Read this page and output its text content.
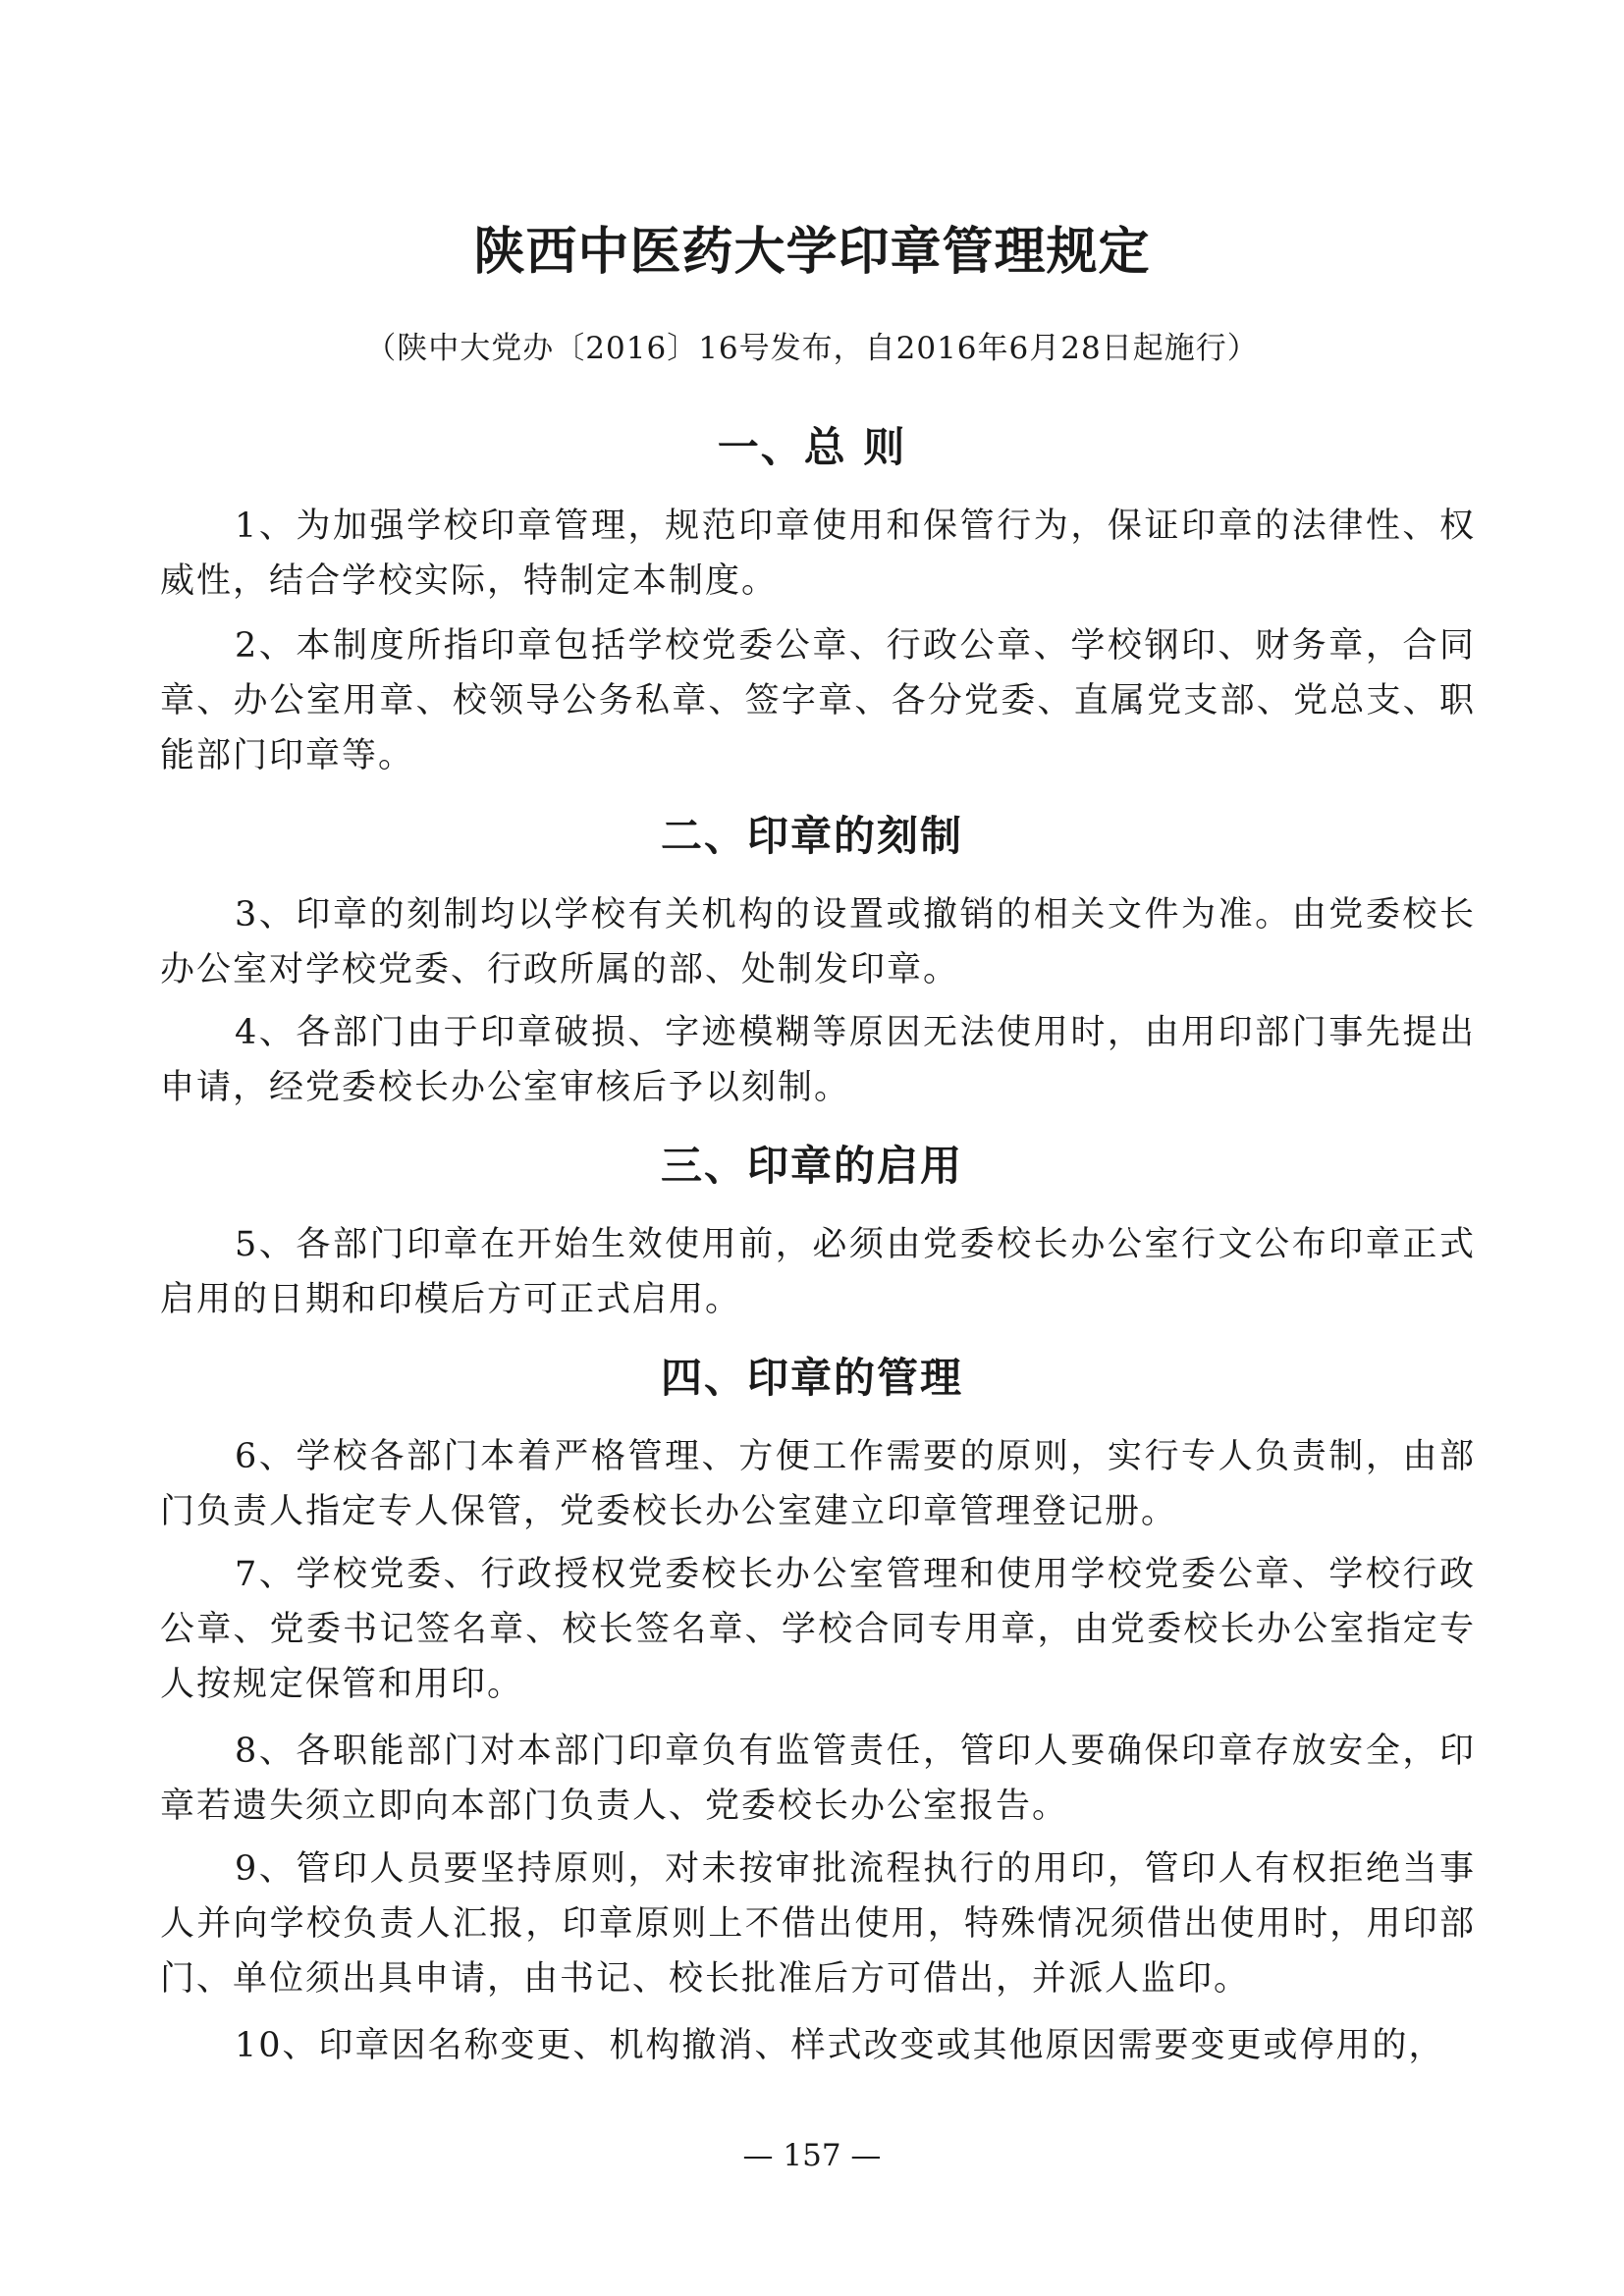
陕西中医药大学印章管理规定
（陕中大党办〔2016〕16号发布，自2016年6月28日起施行）
一、总 则
1、为加强学校印章管理，规范印章使用和保管行为，保证印章的法律性、权威性，结合学校实际，特制定本制度。
2、本制度所指印章包括学校党委公章、行政公章、学校钢印、财务章，合同章、办公室用章、校领导公务私章、签字章、各分党委、直属党支部、党总支、职能部门印章等。
二、印章的刻制
3、印章的刻制均以学校有关机构的设置或撤销的相关文件为准。由党委校长办公室对学校党委、行政所属的部、处制发印章。
4、各部门由于印章破损、字迹模糊等原因无法使用时，由用印部门事先提出申请，经党委校长办公室审核后予以刻制。
三、印章的启用
5、各部门印章在开始生效使用前，必须由党委校长办公室行文公布印章正式启用的日期和印模后方可正式启用。
四、印章的管理
6、学校各部门本着严格管理、方便工作需要的原则，实行专人负责制，由部门负责人指定专人保管，党委校长办公室建立印章管理登记册。
7、学校党委、行政授权党委校长办公室管理和使用学校党委公章、学校行政公章、党委书记签名章、校长签名章、学校合同专用章，由党委校长办公室指定专人按规定保管和用印。
8、各职能部门对本部门印章负有监管责任，管印人要确保印章存放安全，印章若遗失须立即向本部门负责人、党委校长办公室报告。
9、管印人员要坚持原则，对未按审批流程执行的用印，管印人有权拒绝当事人并向学校负责人汇报，印章原则上不借出使用，特殊情况须借出使用时，用印部门、单位须出具申请，由书记、校长批准后方可借出，并派人监印。
10、印章因名称变更、机构撤消、样式改变或其他原因需要变更或停用的，
— 157 —
